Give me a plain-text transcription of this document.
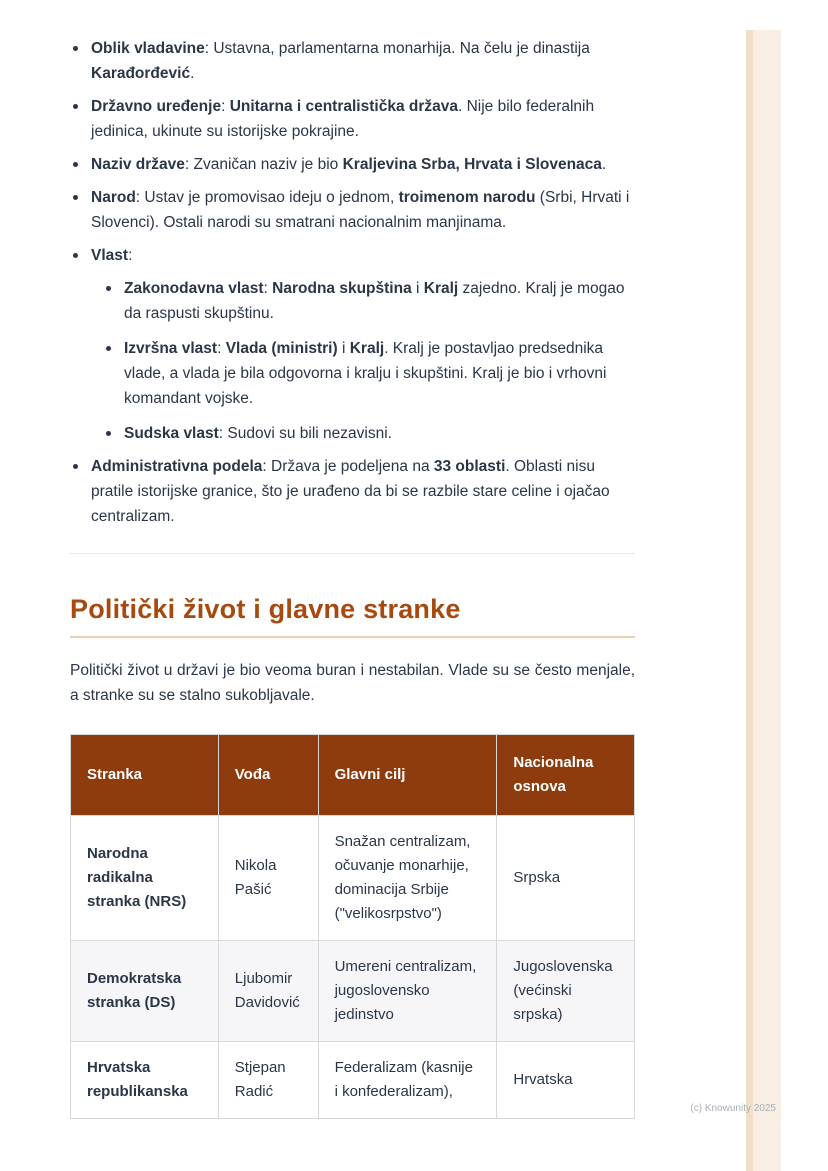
(c) Knowunity 2025
Oblik vladavine: Ustavna, parlamentarna monarhija. Na čelu je dinastija Karađorđević.
Državno uređenje: Unitarna i centralistička država. Nije bilo federalnih jedinica, ukinute su istorijske pokrajine.
Naziv države: Zvaničan naziv je bio Kraljevina Srba, Hrvata i Slovenaca.
Narod: Ustav je promovisao ideju o jednom, troimenom narodu (Srbi, Hrvati i Slovenci). Ostali narodi su smatrani nacionalnim manjinama.
Vlast:
Zakonodavna vlast: Narodna skupština i Kralj zajedno. Kralj je mogao da raspusti skupštinu.
Izvršna vlast: Vlada (ministri) i Kralj. Kralj je postavljao predsednika vlade, a vlada je bila odgovorna i kralju i skupštini. Kralj je bio i vrhovni komandant vojske.
Sudska vlast: Sudovi su bili nezavisni.
Administrativna podela: Država je podeljena na 33 oblasti. Oblasti nisu pratile istorijske granice, što je urađeno da bi se razbile stare celine i ojačao centralizam.
Politički život i glavne stranke

Politički život u državi je bio veoma buran i nestabilan. Vlade su se često menjale, a stranke su se stalno sukobljavale.

Stranka	Vođa	Glavni cilj	Nacionalna osnova
Narodna radikalna stranka (NRS)	Nikola Pašić	Snažan centralizam, očuvanje monarhije, dominacija Srbije ("velikosrpstvo")	Srpska
Demokratska stranka (DS)	Ljubomir Davidović	Umereni centralizam, jugoslovensko jedinstvo	Jugoslovenska (većinski srpska)
Hrvatska republikanska	Stjepan Radić	Federalizam (kasnije i konfederalizam),	Hrvatska
